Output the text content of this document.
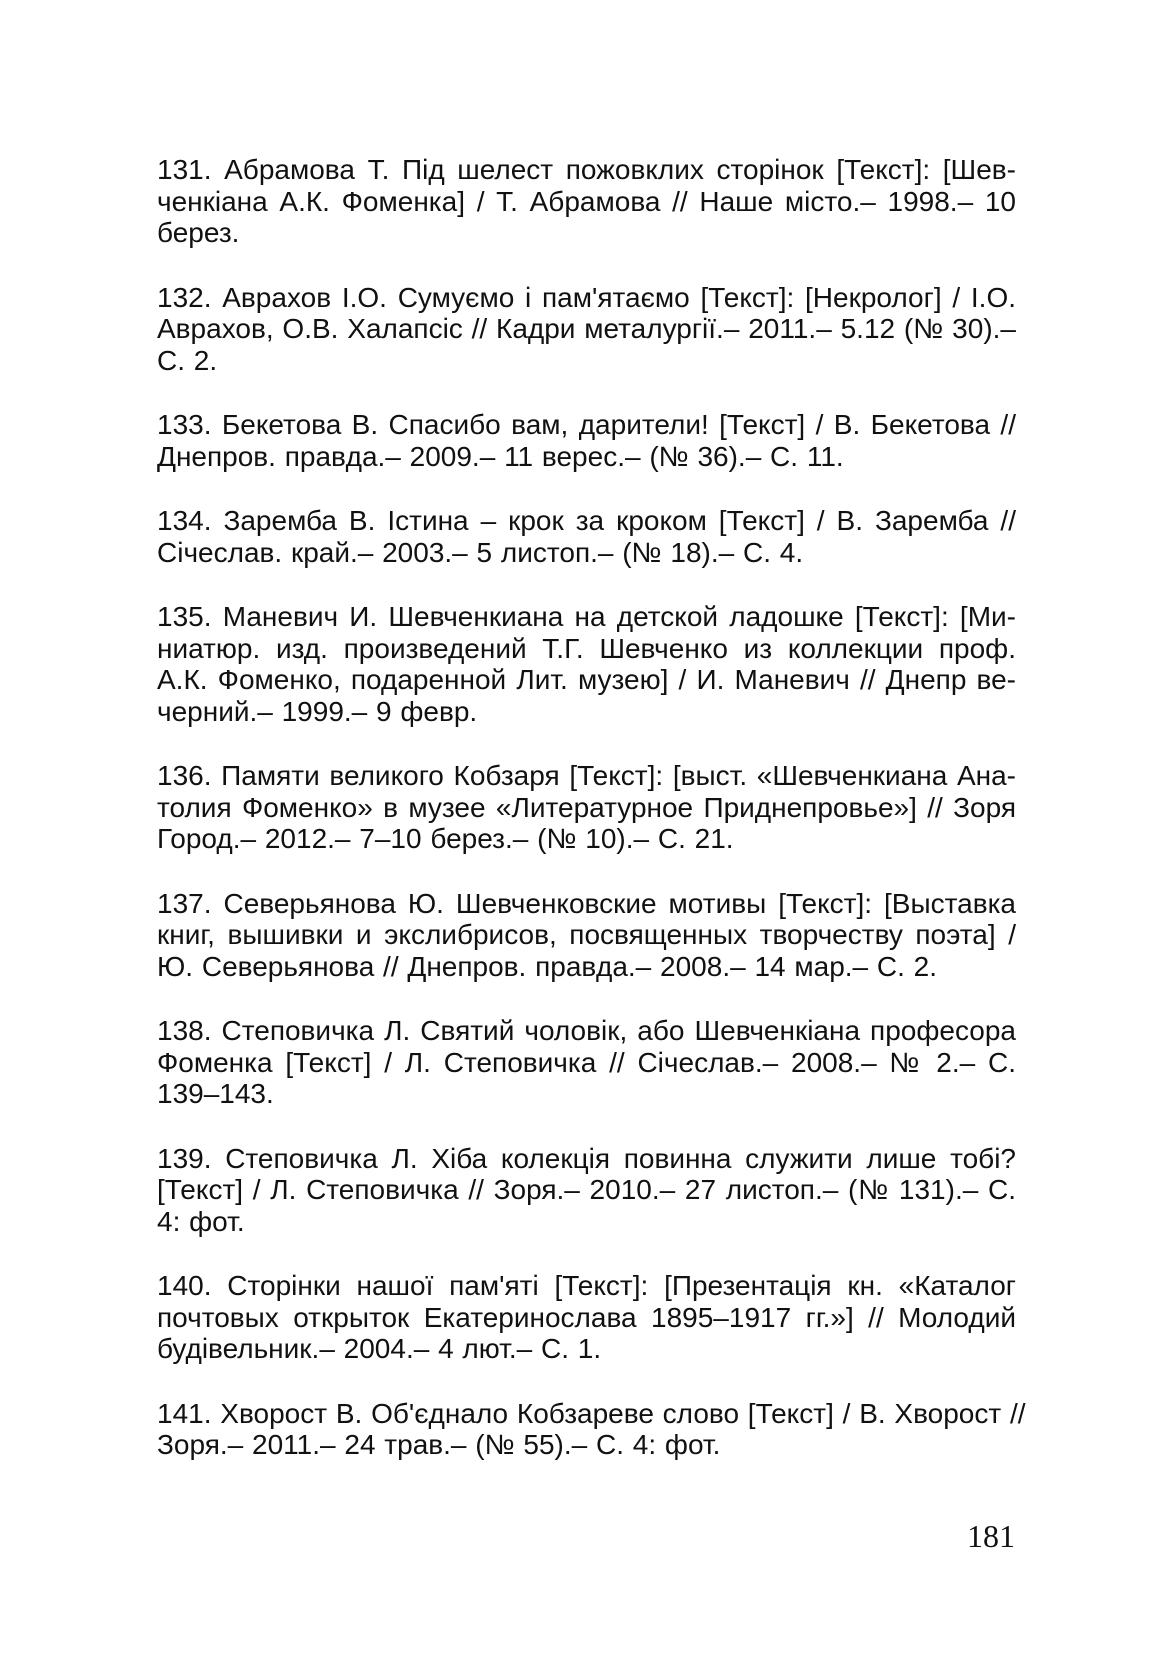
131. Абрамова Т. Під шелест пожовклих сторінок [Текст]: [Шев-
ченкіана А.К. Фоменка] / Т. Абрамова // Наше місто.– 1998.– 10
берез.
132. Аврахов І.О. Сумуємо і пам'ятаємо [Текст]: [Некролог] / І.О.
Аврахов, О.В. Халапсіс // Кадри металургії.– 2011.– 5.12 (№ 30).–
С. 2.
133. Бекетова В. Спасибо вам, дарители! [Текст] / В. Бекетова //
Днепров. правда.– 2009.– 11 верес.– (№ 36).– С. 11.
134. Заремба В. Істина – крок за кроком [Текст] / В. Заремба //
Січеслав. край.– 2003.– 5 листоп.– (№ 18).– С. 4.
135. Маневич И. Шевченкиана на детской ладошке [Текст]: [Ми-
ниатюр. изд. произведений Т.Г. Шевченко из коллекции проф.
А.К. Фоменко, подаренной Лит. музею] / И. Маневич // Днепр ве-
черний.– 1999.– 9 февр.
136. Памяти великого Кобзаря [Текст]: [выст. «Шевченкиана Ана-
толия Фоменко» в музее «Литературное Приднепровье»] // Зоря
Город.– 2012.– 7–10 берез.– (№ 10).– С. 21.
137. Северьянова Ю. Шевченковские мотивы [Текст]: [Выставка
книг, вышивки и экслибрисов, посвященных творчеству поэта] /
Ю. Северьянова // Днепров. правда.– 2008.– 14 мар.– С. 2.
138. Степовичка Л. Святий чоловік, або Шевченкіана професора
Фоменка [Текст] / Л. Степовичка // Січеслав.– 2008.– № 2.– С.
139–143.
139. Степовичка Л. Хіба колекція повинна служити лише тобі?
[Текст] / Л. Степовичка // Зоря.– 2010.– 27 листоп.– (№ 131).– С.
4: фот.
140. Сторінки нашої пам'яті [Текст]: [Презентація кн. «Каталог
почтовых открыток Екатеринослава 1895–1917 гг.»] // Молодий
будівельник.– 2004.– 4 лют.– С. 1.
141. Хворост В. Об'єднало Кобзареве слово [Текст] / В. Хворост //
Зоря.– 2011.– 24 трав.– (№ 55).– С. 4: фот.
181
